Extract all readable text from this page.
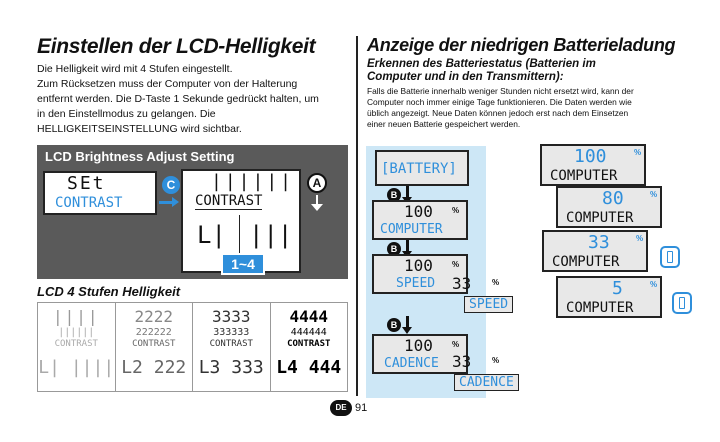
Einstellen der LCD-Helligkeit
Die Helligkeit wird mit 4 Stufen eingestellt.
Zum Rücksetzen muss der Computer von der Halterung
entfernt werden. Die D-Taste 1 Sekunde gedrückt halten, um
in den Einstellmodus zu gelangen. Die
HELLIGKEITSEINSTELLUNG wird sichtbar.
LCD Brightness Adjust Setting
SEt
CONTRAST
C ||||||
CONTRAST
L| |||
A
1~4
LCD 4 Stufen Helligkeit
||||
||||||
CONTRAST
L| ||||
2222
222222
CONTRAST
L2 222
3333
333333
CONTRAST
L3 333
4444
444444
CONTRAST
L4 444
Anzeige der niedrigen Batterieladung
Erkennen des Batteriestatus (Batterien im
Computer und in den Transmittern):
Falls die Batterie innerhalb weniger Stunden nicht ersetzt wird, kann der
Computer noch immer einige Tage funktionieren. Die Daten werden wie
üblich angezeigt. Neue Daten können jedoch erst nach dem Einsetzen
einer neuen Batterie gespeichert werden.
[BATTERY]
B
100 %
COMPUTER
B
100 %
SPEED 33	%
SPEED
B
100 %
CADENCE 33	%
CADENCE
100	%
COMPUTER
80	%
COMPUTER
33	%
COMPUTER
5	%
COMPUTER
DE 91
